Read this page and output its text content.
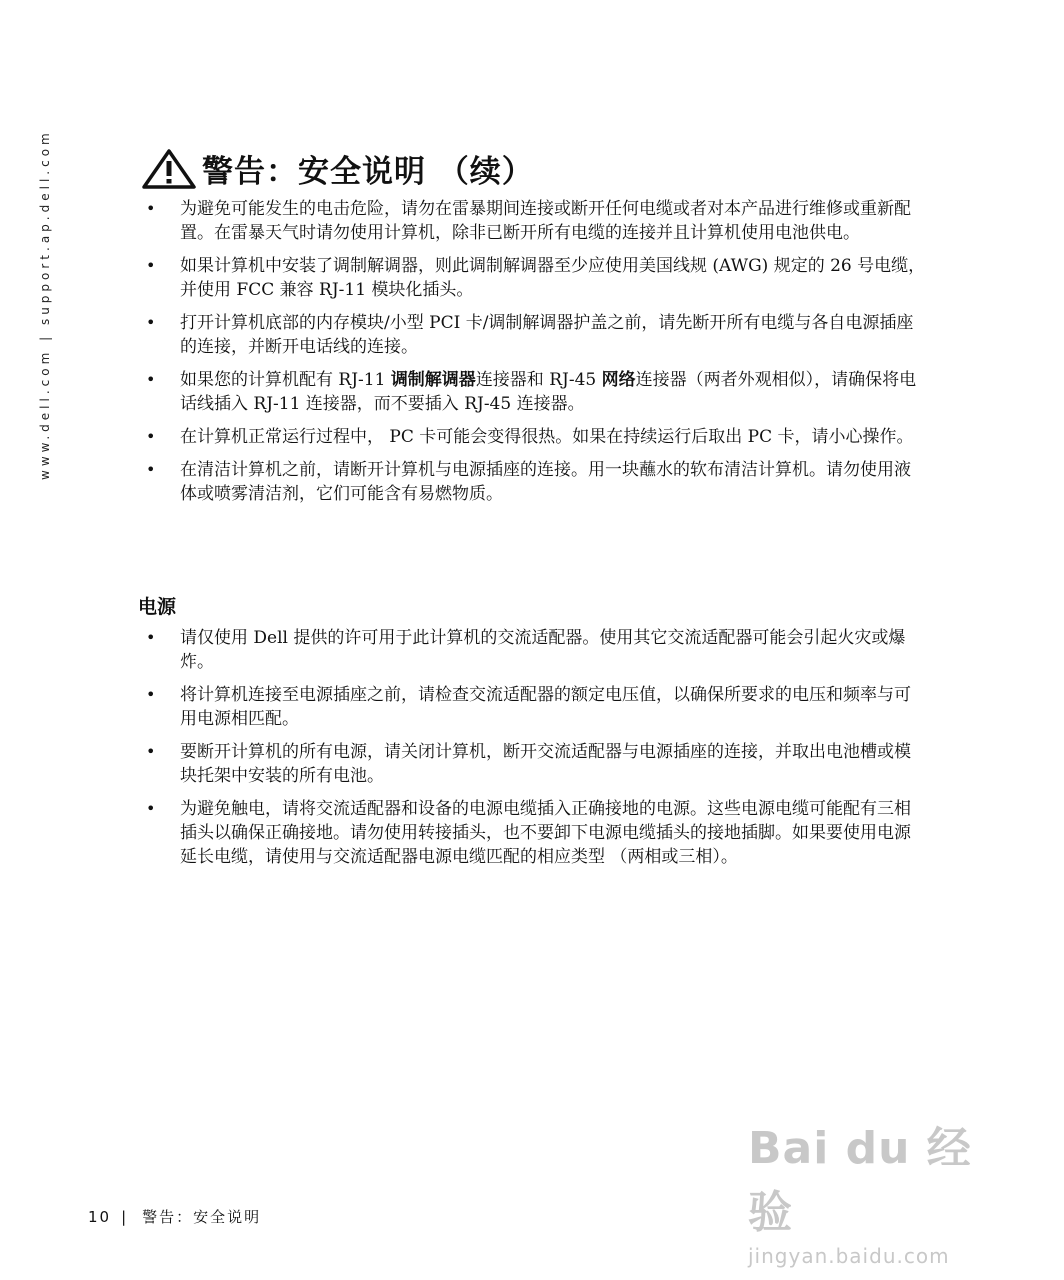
www.dell.com | support.ap.dell.com	警告：安全说明 （续）
• 为避免可能发生的电击危险，请勿在雷暴期间连接或断开任何电缆或者对本产品进行维修或重新配置。在雷暴天气时请勿使用计算机，除非已断开所有电缆的连接并且计算机使用电池供电。
• 如果计算机中安装了调制解调器，则此调制解调器至少应使用美国线规 (AWG) 规定的 26 号电缆，并使用 FCC 兼容 RJ-11 模块化插头。
• 打开计算机底部的内存模块/小型 PCI 卡/调制解调器护盖之前，请先断开所有电缆与各自电源插座的连接，并断开电话线的连接。
• 如果您的计算机配有 RJ-11 调制解调器连接器和 RJ-45 网络连接器（两者外观相似），请确保将电话线插入 RJ-11 连接器，而不要插入 RJ-45 连接器。
• 在计算机正常运行过程中， PC 卡可能会变得很热。如果在持续运行后取出 PC 卡，请小心操作。
• 在清洁计算机之前，请断开计算机与电源插座的连接。用一块蘸水的软布清洁计算机。请勿使用液体或喷雾清洁剂，它们可能含有易燃物质。
电源
• 请仅使用 Dell 提供的许可用于此计算机的交流适配器。使用其它交流适配器可能会引起火灾或爆炸。
• 将计算机连接至电源插座之前，请检查交流适配器的额定电压值，以确保所要求的电压和频率与可用电源相匹配。
• 要断开计算机的所有电源，请关闭计算机，断开交流适配器与电源插座的连接，并取出电池槽或模块托架中安装的所有电池。
• 为避免触电，请将交流适配器和设备的电源电缆插入正确接地的电源。这些电源电缆可能配有三相插头以确保正确接地。请勿使用转接插头，也不要卸下电源电缆插头的接地插脚。如果要使用电源延长电缆，请使用与交流适配器电源电缆匹配的相应类型 （两相或三相）。
10 | 警告：安全说明
Bai du 经验
jingyan.baidu.com
